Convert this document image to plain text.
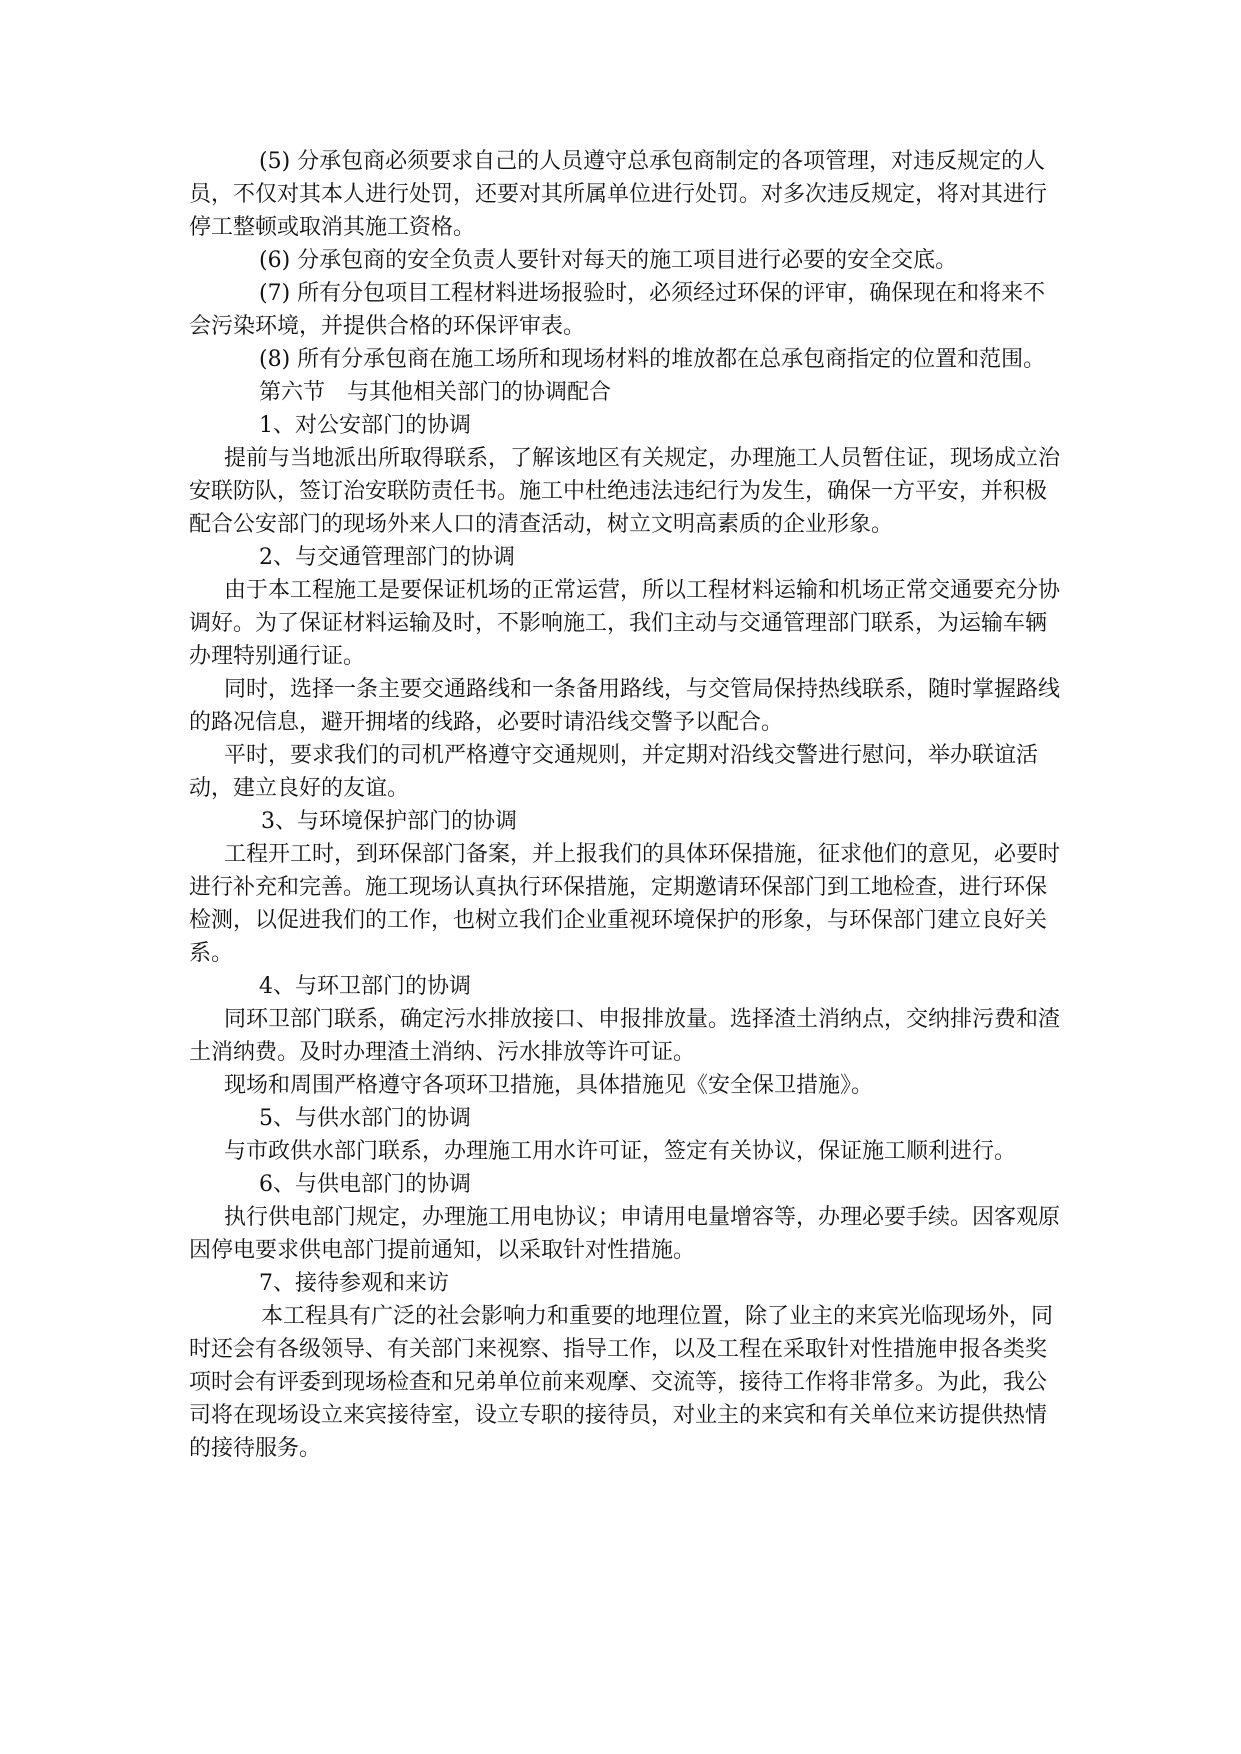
(5) 分承包商必须要求自己的人员遵守总承包商制定的各项管理，对违反规定的人员，不仅对其本人进行处罚，还要对其所属单位进行处罚。对多次违反规定，将对其进行停工整顿或取消其施工资格。

(6) 分承包商的安全负责人要针对每天的施工项目进行必要的安全交底。

(7) 所有分包项目工程材料进场报验时，必须经过环保的评审，确保现在和将来不会污染环境，并提供合格的环保评审表。

(8) 所有分承包商在施工场所和现场材料的堆放都在总承包商指定的位置和范围。

第六节　与其他相关部门的协调配合

1、对公安部门的协调

提前与当地派出所取得联系，了解该地区有关规定，办理施工人员暂住证，现场成立治安联防队，签订治安联防责任书。施工中杜绝违法违纪行为发生，确保一方平安，并积极配合公安部门的现场外来人口的清查活动，树立文明高素质的企业形象。

2、与交通管理部门的协调

由于本工程施工是要保证机场的正常运营，所以工程材料运输和机场正常交通要充分协调好。为了保证材料运输及时，不影响施工，我们主动与交通管理部门联系，为运输车辆办理特别通行证。

同时，选择一条主要交通路线和一条备用路线，与交管局保持热线联系，随时掌握路线的路况信息，避开拥堵的线路，必要时请沿线交警予以配合。

平时，要求我们的司机严格遵守交通规则，并定期对沿线交警进行慰问，举办联谊活动，建立良好的友谊。

3、与环境保护部门的协调

工程开工时，到环保部门备案，并上报我们的具体环保措施，征求他们的意见，必要时进行补充和完善。施工现场认真执行环保措施，定期邀请环保部门到工地检查，进行环保检测，以促进我们的工作，也树立我们企业重视环境保护的形象，与环保部门建立良好关系。

4、与环卫部门的协调

同环卫部门联系，确定污水排放接口、申报排放量。选择渣土消纳点，交纳排污费和渣土消纳费。及时办理渣土消纳、污水排放等许可证。

现场和周围严格遵守各项环卫措施，具体措施见《安全保卫措施》。

5、与供水部门的协调

与市政供水部门联系，办理施工用水许可证，签定有关协议，保证施工顺利进行。

6、与供电部门的协调

执行供电部门规定，办理施工用电协议；申请用电量增容等，办理必要手续。因客观原因停电要求供电部门提前通知，以采取针对性措施。

7、接待参观和来访

本工程具有广泛的社会影响力和重要的地理位置，除了业主的来宾光临现场外，同时还会有各级领导、有关部门来视察、指导工作，以及工程在采取针对性措施申报各类奖项时会有评委到现场检查和兄弟单位前来观摩、交流等，接待工作将非常多。为此，我公司将在现场设立来宾接待室，设立专职的接待员，对业主的来宾和有关单位来访提供热情的接待服务。
